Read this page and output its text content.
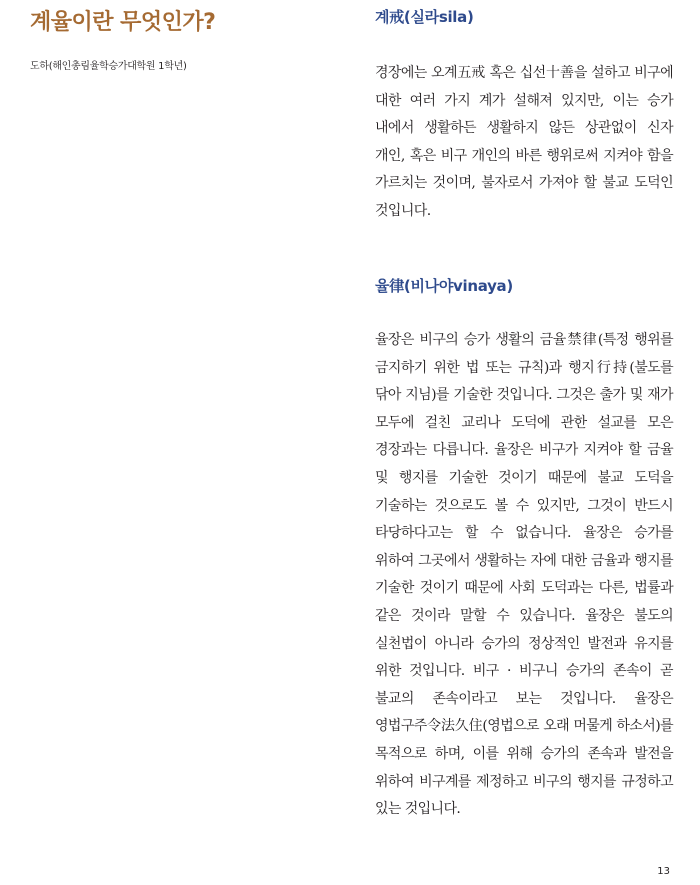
계율이란 무엇인가?
도하(해인총림율학승가대학원 1학년)
계戒(실라sila)

경장에는 오계五戒 혹은 십선十善을 설하고 비구에 대한 여러 가지 계가 설해져 있지만, 이는 승가 내에서 생활하든 생활하지 않든 상관없이 신자 개인, 혹은 비구 개인의 바른 행위로써 지켜야 함을 가르치는 것이며, 불자로서 가져야 할 불교 도덕인 것입니다.

율律(비나야vinaya)

율장은 비구의 승가 생활의 금율禁律(특정 행위를 금지하기 위한 법 또는 규칙)과 행지行持(불도를 닦아 지님)를 기술한 것입니다. 그것은 출가 및 재가 모두에 걸친 교리나 도덕에 관한 설교를 모은 경장과는 다릅니다. 율장은 비구가 지켜야 할 금율 및 행지를 기술한 것이기 때문에 불교 도덕을 기술하는 것으로도 볼 수 있지만, 그것이 반드시 타당하다고는 할 수 없습니다. 율장은 승가를 위하여 그곳에서 생활하는 자에 대한 금율과 행지를 기술한 것이기 때문에 사회 도덕과는 다른, 법률과 같은 것이라 말할 수 있습니다. 율장은 불도의 실천법이 아니라 승가의 정상적인 발전과 유지를 위한 것입니다. 비구 · 비구니 승가의 존속이 곧 불교의 존속이라고 보는 것입니다. 율장은 영법구주令法久住(영법으로 오래 머물게 하소서)를 목적으로 하며, 이를 위해 승가의 존속과 발전을 위하여 비구계를 제정하고 비구의 행지를 규정하고 있는 것입니다.

13
